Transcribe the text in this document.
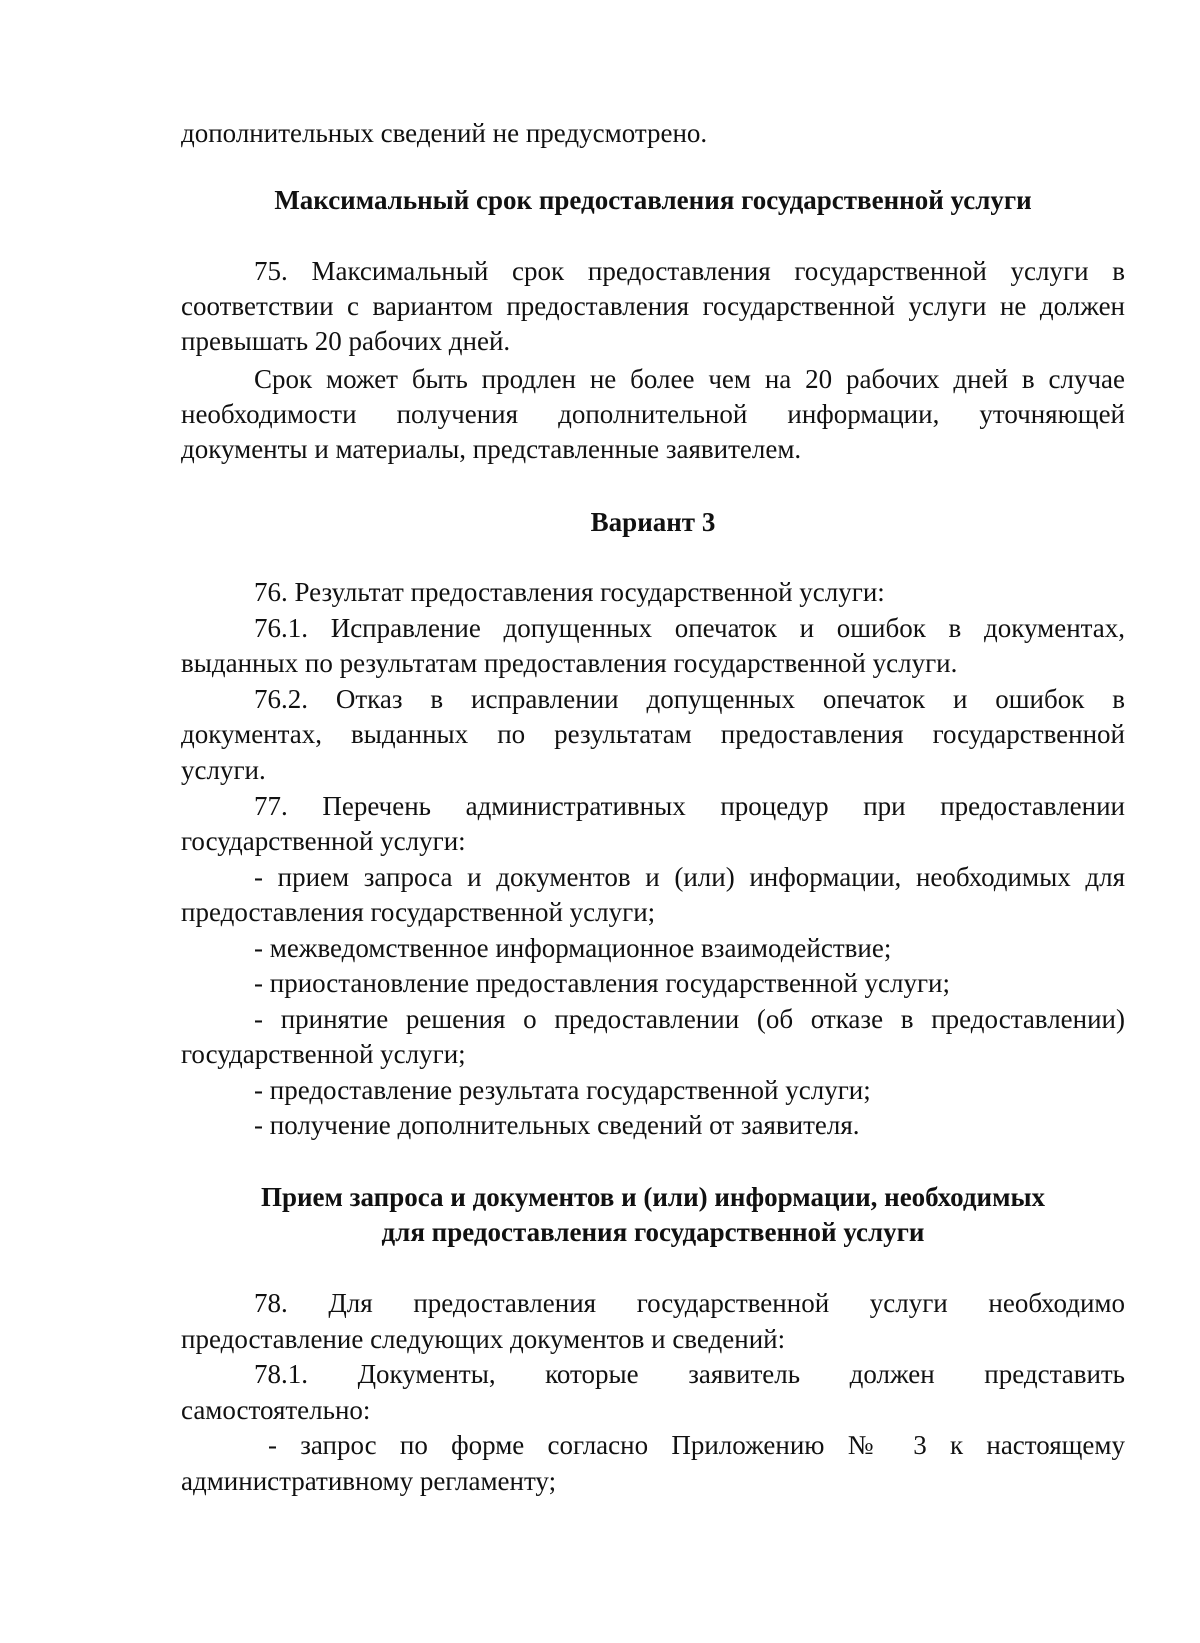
дополнительных сведений не предусмотрено.
Максимальный срок предоставления государственной услуги
75. Максимальный срок предоставления государственной услуги в
соответствии с вариантом предоставления государственной услуги не должен
превышать 20 рабочих дней.
Срок может быть продлен не более чем на 20 рабочих дней в случае
необходимости получения дополнительной информации, уточняющей
документы и материалы, представленные заявителем.
Вариант 3
76. Результат предоставления государственной услуги:
76.1. Исправление допущенных опечаток и ошибок в документах,
выданных по результатам предоставления государственной услуги.
76.2. Отказ в исправлении допущенных опечаток и ошибок в
документах, выданных по результатам предоставления государственной
услуги.
77. Перечень административных процедур при предоставлении
государственной услуги:
- прием запроса и документов и (или) информации, необходимых для
предоставления государственной услуги;
- межведомственное информационное взаимодействие;
- приостановление предоставления государственной услуги;
- принятие решения о предоставлении (об отказе в предоставлении)
государственной услуги;
- предоставление результата государственной услуги;
- получение дополнительных сведений от заявителя.
Прием запроса и документов и (или) информации, необходимых
для предоставления государственной услуги
78. Для предоставления государственной услуги необходимо
предоставление следующих документов и сведений:
78.1. Документы, которые заявитель должен представить
самостоятельно:
- запрос по форме согласно Приложению № 3 к настоящему
административному регламенту;
